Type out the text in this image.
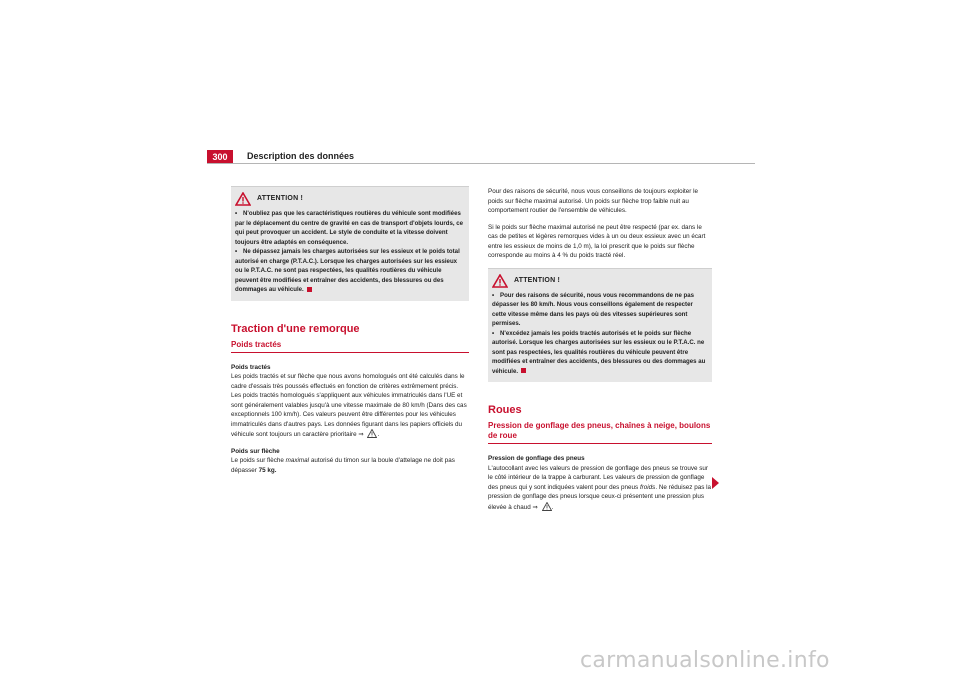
300	Description des données
ATTENTION !

• N'oubliez pas que les caractéristiques routières du véhicule sont modifiées par le déplacement du centre de gravité en cas de transport d'objets lourds, ce qui peut provoquer un accident. Le style de conduite et la vitesse doivent toujours être adaptés en conséquence.

• Ne dépassez jamais les charges autorisées sur les essieux et le poids total autorisé en charge (P.T.A.C.). Lorsque les charges autorisées sur les essieux ou le P.T.A.C. ne sont pas respectées, les qualités routières du véhicule peuvent être modifiées et entraîner des accidents, des blessures ou des dommages au véhicule.

Traction d'une remorque
Poids tractés

Poids tractés

Les poids tractés et sur flèche que nous avons homologués ont été calculés dans le cadre d'essais très poussés effectués en fonction de critères extrêmement précis. Les poids tractés homologués s'appliquent aux véhicules immatriculés dans l'UE et sont généralement valables jusqu'à une vitesse maximale de 80 km/h (Dans des cas exceptionnels 100 km/h). Ces valeurs peuvent être différentes pour les véhicules immatriculés dans d'autres pays. Les données figurant dans les papiers officiels du véhicule sont toujours un caractère prioritaire ⇒ .

Poids sur flèche

Le poids sur flèche maximal autorisé du timon sur la boule d'attelage ne doit pas dépasser 75 kg.

Pour des raisons de sécurité, nous vous conseillons de toujours exploiter le poids sur flèche maximal autorisé. Un poids sur flèche trop faible nuit au comportement routier de l'ensemble de véhicules.

Si le poids sur flèche maximal autorisé ne peut être respecté (par ex. dans le cas de petites et légères remorques vides à un ou deux essieux avec un écart entre les essieux de moins de 1,0 m), la loi prescrit que le poids sur flèche corresponde au moins à 4 % du poids tracté réel.

ATTENTION !

• Pour des raisons de sécurité, nous vous recommandons de ne pas dépasser les 80 km/h. Nous vous conseillons également de respecter cette vitesse même dans les pays où des vitesses supérieures sont permises.

• N'excédez jamais les poids tractés autorisés et le poids sur flèche autorisé. Lorsque les charges autorisées sur les essieux ou le P.T.A.C. ne sont pas respectées, les qualités routières du véhicule peuvent être modifiées et entraîner des accidents, des blessures ou des dommages au véhicule.

Roues
Pression de gonflage des pneus, chaînes à neige, boulons de roue

Pression de gonflage des pneus

L'autocollant avec les valeurs de pression de gonflage des pneus se trouve sur le côté intérieur de la trappe à carburant. Les valeurs de pression de gonflage des pneus qui y sont indiquées valent pour des pneus froids. Ne réduisez pas la pression de gonflage des pneus lorsque ceux-ci présentent une pression plus élevée à chaud ⇒ .

carmanualsonline.info
